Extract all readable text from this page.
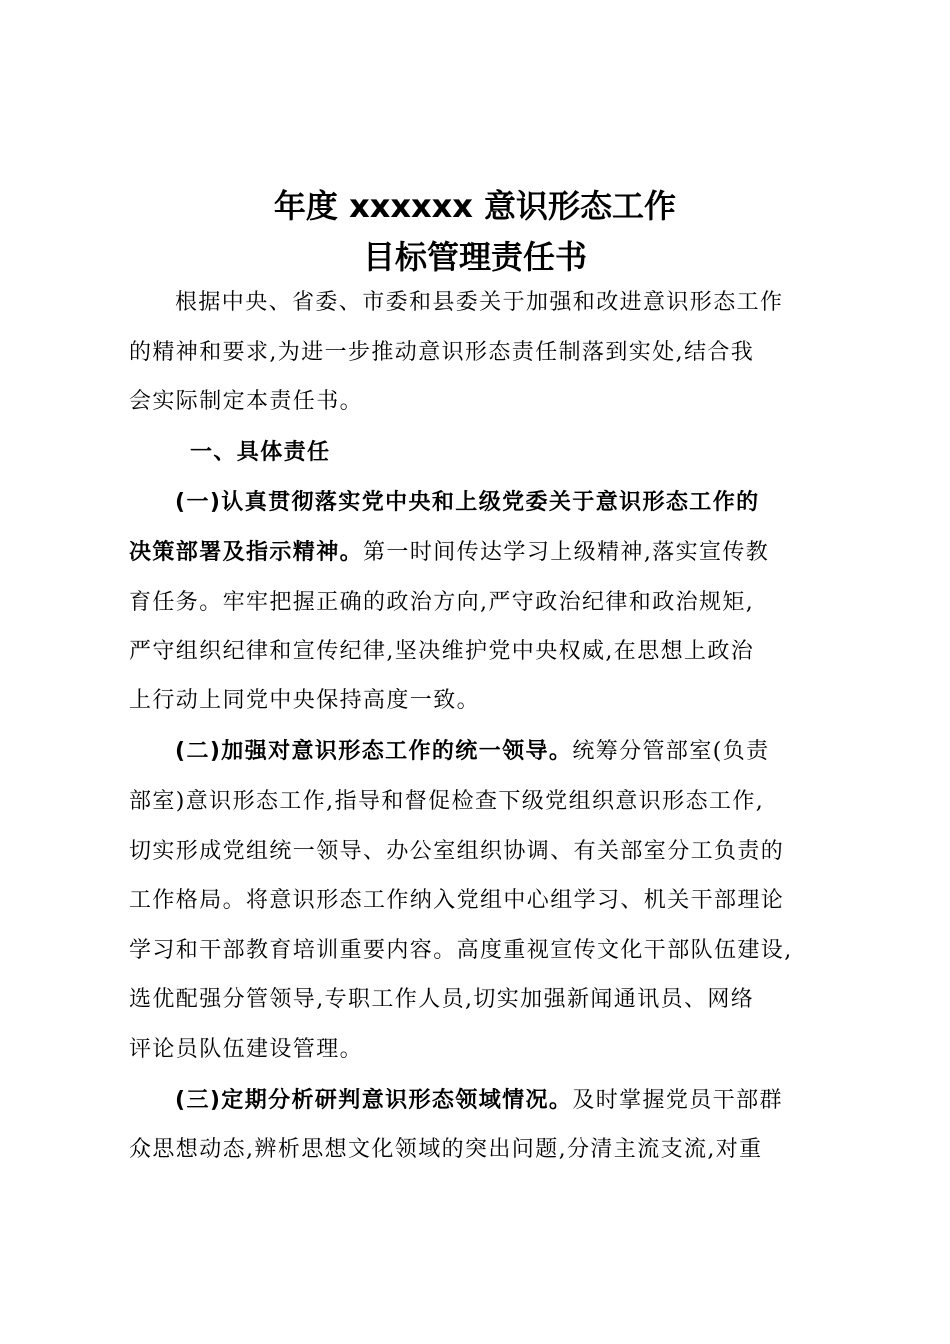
年度 xxxxxx 意识形态工作
目标管理责任书
根据中央、省委、市委和县委关于加强和改进意识形态工作
的精神和要求,为进一步推动意识形态责任制落到实处,结合我
会实际制定本责任书。
一、具体责任
(一)认真贯彻落实党中央和上级党委关于意识形态工作的
决策部署及指示精神。第一时间传达学习上级精神,落实宣传教
育任务。牢牢把握正确的政治方向,严守政治纪律和政治规矩,
严守组织纪律和宣传纪律,坚决维护党中央权威,在思想上政治
上行动上同党中央保持高度一致。
(二)加强对意识形态工作的统一领导。统筹分管部室(负责
部室)意识形态工作,指导和督促检查下级党组织意识形态工作,
切实形成党组统一领导、办公室组织协调、有关部室分工负责的
工作格局。将意识形态工作纳入党组中心组学习、机关干部理论
学习和干部教育培训重要内容。高度重视宣传文化干部队伍建设,
选优配强分管领导,专职工作人员,切实加强新闻通讯员、网络
评论员队伍建设管理。
(三)定期分析研判意识形态领域情况。及时掌握党员干部群
众思想动态,辨析思想文化领域的突出问题,分清主流支流,对重
